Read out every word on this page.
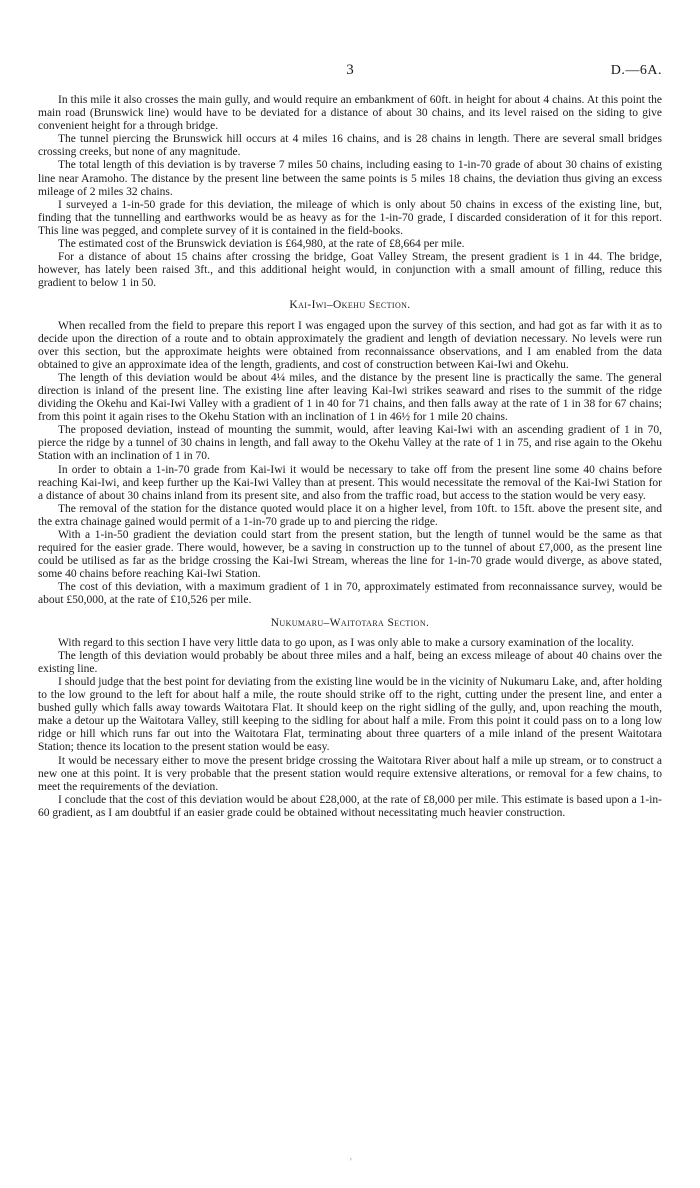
3	D.—6A.

In this mile it also crosses the main gully, and would require an embankment of 60ft. in height for about 4 chains. At this point the main road (Brunswick line) would have to be deviated for a distance of about 30 chains, and its level raised on the siding to give convenient height for a through bridge.

The tunnel piercing the Brunswick hill occurs at 4 miles 16 chains, and is 28 chains in length. There are several small bridges crossing creeks, but none of any magnitude.

The total length of this deviation is by traverse 7 miles 50 chains, including easing to 1-in-70 grade of about 30 chains of existing line near Aramoho. The distance by the present line between the same points is 5 miles 18 chains, the deviation thus giving an excess mileage of 2 miles 32 chains.

I surveyed a 1-in-50 grade for this deviation, the mileage of which is only about 50 chains in excess of the existing line, but, finding that the tunnelling and earthworks would be as heavy as for the 1-in-70 grade, I discarded consideration of it for this report. This line was pegged, and complete survey of it is contained in the field-books.

The estimated cost of the Brunswick deviation is £64,980, at the rate of £8,664 per mile.

For a distance of about 15 chains after crossing the bridge, Goat Valley Stream, the present gradient is 1 in 44. The bridge, however, has lately been raised 3ft., and this additional height would, in conjunction with a small amount of filling, reduce this gradient to below 1 in 50.

Kai-Iwi–Okehu Section.

When recalled from the field to prepare this report I was engaged upon the survey of this section, and had got as far with it as to decide upon the direction of a route and to obtain approximately the gradient and length of deviation necessary. No levels were run over this section, but the approximate heights were obtained from reconnaissance observations, and I am enabled from the data obtained to give an approximate idea of the length, gradients, and cost of construction between Kai-Iwi and Okehu.

The length of this deviation would be about 4¼ miles, and the distance by the present line is practically the same. The general direction is inland of the present line. The existing line after leaving Kai-Iwi strikes seaward and rises to the summit of the ridge dividing the Okehu and Kai-Iwi Valley with a gradient of 1 in 40 for 71 chains, and then falls away at the rate of 1 in 38 for 67 chains; from this point it again rises to the Okehu Station with an inclination of 1 in 46½ for 1 mile 20 chains.

The proposed deviation, instead of mounting the summit, would, after leaving Kai-Iwi with an ascending gradient of 1 in 70, pierce the ridge by a tunnel of 30 chains in length, and fall away to the Okehu Valley at the rate of 1 in 75, and rise again to the Okehu Station with an inclination of 1 in 70.

In order to obtain a 1-in-70 grade from Kai-Iwi it would be necessary to take off from the present line some 40 chains before reaching Kai-Iwi, and keep further up the Kai-Iwi Valley than at present. This would necessitate the removal of the Kai-Iwi Station for a distance of about 30 chains inland from its present site, and also from the traffic road, but access to the station would be very easy.

The removal of the station for the distance quoted would place it on a higher level, from 10ft. to 15ft. above the present site, and the extra chainage gained would permit of a 1-in-70 grade up to and piercing the ridge.

With a 1-in-50 gradient the deviation could start from the present station, but the length of tunnel would be the same as that required for the easier grade. There would, however, be a saving in construction up to the tunnel of about £7,000, as the present line could be utilised as far as the bridge crossing the Kai-Iwi Stream, whereas the line for 1-in-70 grade would diverge, as above stated, some 40 chains before reaching Kai-Iwi Station.

The cost of this deviation, with a maximum gradient of 1 in 70, approximately estimated from reconnaissance survey, would be about £50,000, at the rate of £10,526 per mile.

Nukumaru–Waitotara Section.

With regard to this section I have very little data to go upon, as I was only able to make a cursory examination of the locality.

The length of this deviation would probably be about three miles and a half, being an excess mileage of about 40 chains over the existing line.

I should judge that the best point for deviating from the existing line would be in the vicinity of Nukumaru Lake, and, after holding to the low ground to the left for about half a mile, the route should strike off to the right, cutting under the present line, and enter a bushed gully which falls away towards Waitotara Flat. It should keep on the right sidling of the gully, and, upon reaching the mouth, make a detour up the Waitotara Valley, still keeping to the sidling for about half a mile. From this point it could pass on to a long low ridge or hill which runs far out into the Waitotara Flat, terminating about three quarters of a mile inland of the present Waitotara Station; thence its location to the present station would be easy.

It would be necessary either to move the present bridge crossing the Waitotara River about half a mile up stream, or to construct a new one at this point. It is very probable that the present station would require extensive alterations, or removal for a few chains, to meet the requirements of the deviation.

I conclude that the cost of this deviation would be about £28,000, at the rate of £8,000 per mile. This estimate is based upon a 1-in-60 gradient, as I am doubtful if an easier grade could be obtained without necessitating much heavier construction.

'
